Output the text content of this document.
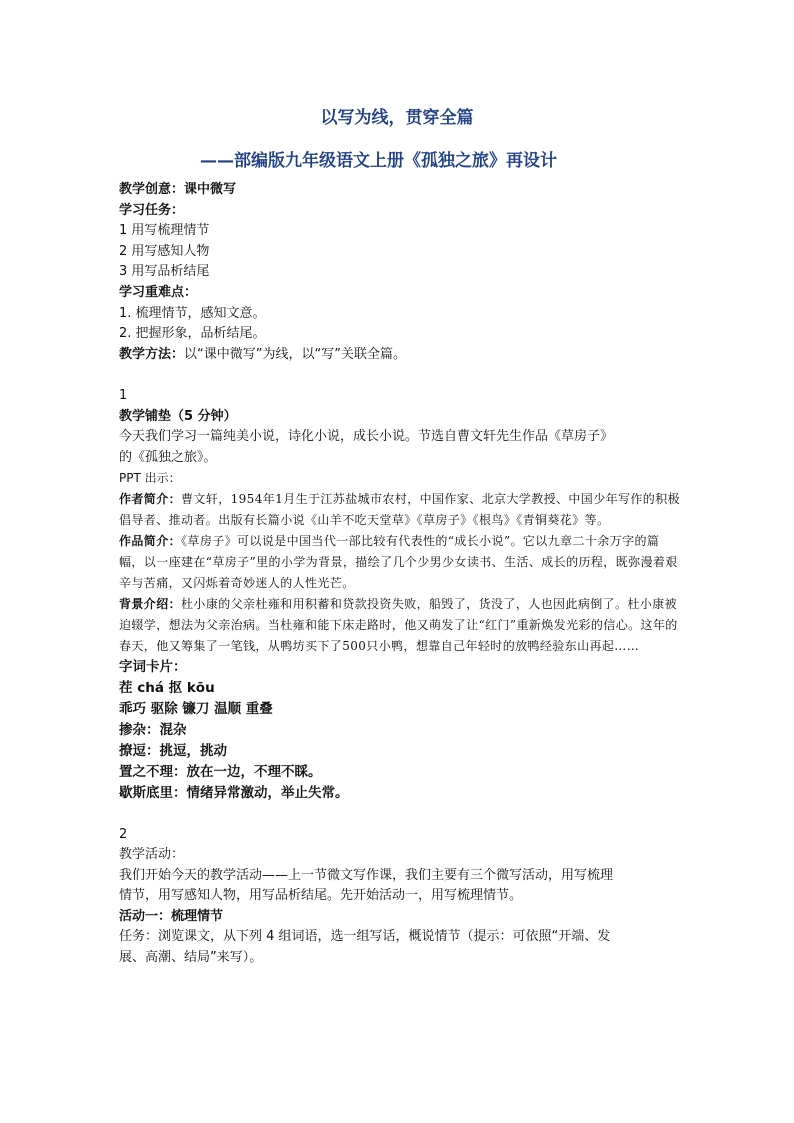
以写为线，贯穿全篇
——部编版九年级语文上册《孤独之旅》再设计
教学创意：课中微写
学习任务：
1 用写梳理情节
2 用写感知人物
3 用写品析结尾
学习重难点：
1. 梳理情节，感知文意。
2. 把握形象，品析结尾。
教学方法：以“课中微写”为线，以“写”关联全篇。
1
教学铺垫（5 分钟）
今天我们学习一篇纯美小说，诗化小说，成长小说。节选自曹文轩先生作品《草房子》
的《孤独之旅》。
PPT 出示：
作者简介：曹文轩，1954年1月生于江苏盐城市农村，中国作家、北京大学教授、中国少年写作的积极倡导者、推动者。出版有长篇小说《山羊不吃天堂草》《草房子》《根鸟》《青铜葵花》等。
作品简介：《草房子》可以说是中国当代一部比较有代表性的“成长小说”。它以九章二十余万字的篇幅，以一座建在“草房子”里的小学为背景，描绘了几个少男少女读书、生活、成长的历程，既弥漫着艰辛与苦痛，又闪烁着奇妙迷人的人性光芒。
背景介绍：杜小康的父亲杜雍和用积蓄和贷款投资失败，船毁了，货没了，人也因此病倒了。杜小康被迫辍学，想法为父亲治病。当杜雍和能下床走路时，他又萌发了让“红门”重新焕发光彩的信心。这年的春天，他又筹集了一笔钱，从鸭坊买下了500只小鸭，想靠自己年轻时的放鸭经验东山再起……
字词卡片：
茬 chá 抠 kōu
乖巧 驱除 镰刀 温顺 重叠
掺杂：混杂
撩逗：挑逗，挑动
置之不理：放在一边，不理不睬。
歇斯底里：情绪异常激动，举止失常。
2
教学活动：
我们开始今天的教学活动——上一节微文写作课，我们主要有三个微写活动，用写梳理
情节，用写感知人物，用写品析结尾。先开始活动一，用写梳理情节。
活动一：梳理情节
任务：浏览课文，从下列 4 组词语，选一组写话，概说情节（提示：可依照“开端、发
展、高潮、结局”来写）。
